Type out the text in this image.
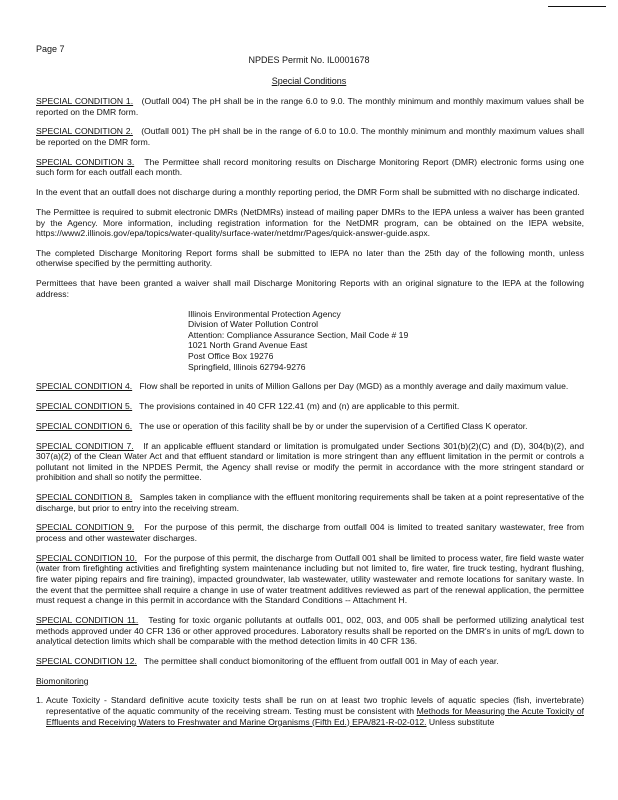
Page 7
NPDES Permit No. IL0001678
Special Conditions

SPECIAL CONDITION 1. (Outfall 004) The pH shall be in the range 6.0 to 9.0. The monthly minimum and monthly maximum values shall be reported on the DMR form.

SPECIAL CONDITION 2. (Outfall 001) The pH shall be in the range of 6.0 to 10.0. The monthly minimum and monthly maximum values shall be reported on the DMR form.

SPECIAL CONDITION 3. The Permittee shall record monitoring results on Discharge Monitoring Report (DMR) electronic forms using one such form for each outfall each month.

In the event that an outfall does not discharge during a monthly reporting period, the DMR Form shall be submitted with no discharge indicated.

The Permittee is required to submit electronic DMRs (NetDMRs) instead of mailing paper DMRs to the IEPA unless a waiver has been granted by the Agency. More information, including registration information for the NetDMR program, can be obtained on the IEPA website, https://www2.illinois.gov/epa/topics/water-quality/surface-water/netdmr/Pages/quick-answer-guide.aspx.

The completed Discharge Monitoring Report forms shall be submitted to IEPA no later than the 25th day of the following month, unless otherwise specified by the permitting authority.

Permittees that have been granted a waiver shall mail Discharge Monitoring Reports with an original signature to the IEPA at the following address:

Illinois Environmental Protection Agency
Division of Water Pollution Control
Attention: Compliance Assurance Section, Mail Code # 19
1021 North Grand Avenue East
Post Office Box 19276
Springfield, Illinois 62794-9276

SPECIAL CONDITION 4. Flow shall be reported in units of Million Gallons per Day (MGD) as a monthly average and daily maximum value.

SPECIAL CONDITION 5. The provisions contained in 40 CFR 122.41 (m) and (n) are applicable to this permit.

SPECIAL CONDITION 6. The use or operation of this facility shall be by or under the supervision of a Certified Class K operator.

SPECIAL CONDITION 7. If an applicable effluent standard or limitation is promulgated under Sections 301(b)(2)(C) and (D), 304(b)(2), and 307(a)(2) of the Clean Water Act and that effluent standard or limitation is more stringent than any effluent limitation in the permit or controls a pollutant not limited in the NPDES Permit, the Agency shall revise or modify the permit in accordance with the more stringent standard or prohibition and shall so notify the permittee.

SPECIAL CONDITION 8. Samples taken in compliance with the effluent monitoring requirements shall be taken at a point representative of the discharge, but prior to entry into the receiving stream.

SPECIAL CONDITION 9. For the purpose of this permit, the discharge from outfall 004 is limited to treated sanitary wastewater, free from process and other wastewater discharges.

SPECIAL CONDITION 10. For the purpose of this permit, the discharge from Outfall 001 shall be limited to process water, fire field waste water (water from firefighting activities and firefighting system maintenance including but not limited to, fire water, fire truck testing, hydrant flushing, fire water piping repairs and fire training), impacted groundwater, lab wastewater, utility wastewater and remote locations for sanitary waste. In the event that the permittee shall require a change in use of water treatment additives reviewed as part of the renewal application, the permittee must request a change in this permit in accordance with the Standard Conditions -- Attachment H.

SPECIAL CONDITION 11. Testing for toxic organic pollutants at outfalls 001, 002, 003, and 005 shall be performed utilizing analytical test methods approved under 40 CFR 136 or other approved procedures. Laboratory results shall be reported on the DMR's in units of mg/L down to analytical detection limits which shall be comparable with the method detection limits in 40 CFR 136.

SPECIAL CONDITION 12. The permittee shall conduct biomonitoring of the effluent from outfall 001 in May of each year.

Biomonitoring
1. Acute Toxicity - Standard definitive acute toxicity tests shall be run on at least two trophic levels of aquatic species (fish, invertebrate) representative of the aquatic community of the receiving stream. Testing must be consistent with Methods for Measuring the Acute Toxicity of Effluents and Receiving Waters to Freshwater and Marine Organisms (Fifth Ed.) EPA/821-R-02-012. Unless substitute
